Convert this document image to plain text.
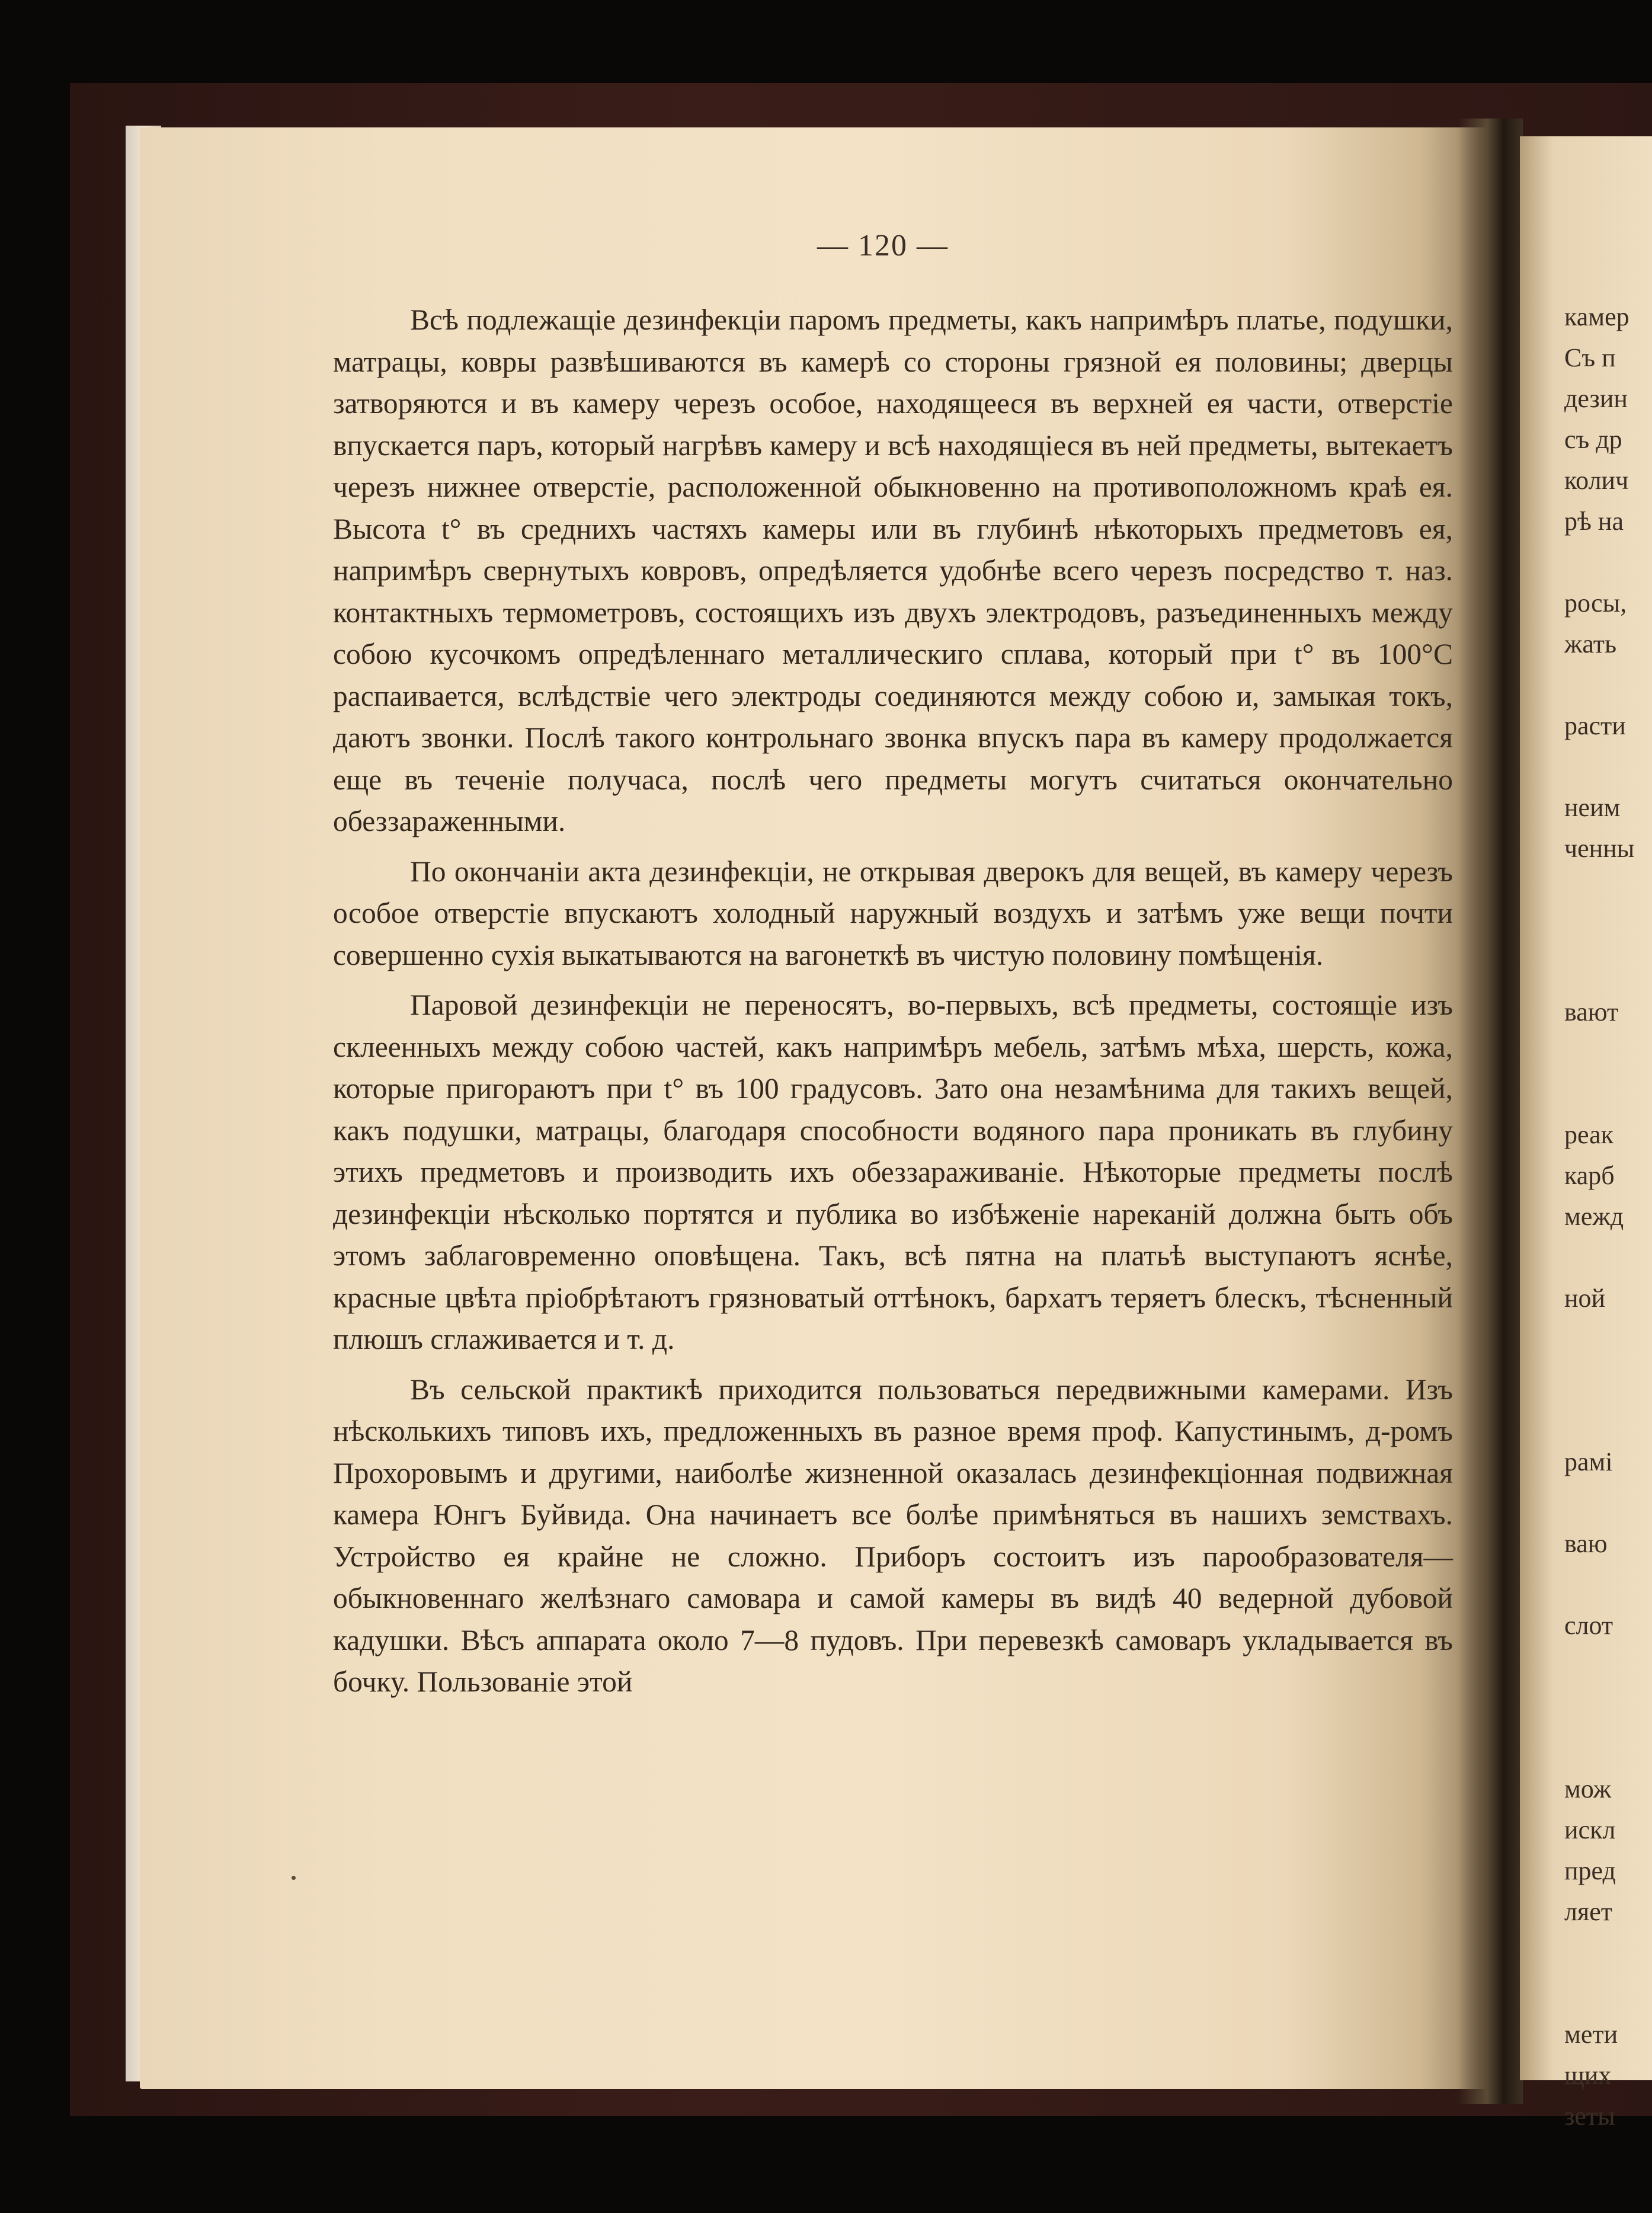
— 120 —

Всѣ подлежащіе дезинфекціи паромъ предметы, какъ напримѣръ платье, подушки, матрацы, ковры развѣшиваются въ камерѣ со стороны грязной ея половины; дверцы затворяются и въ камеру черезъ особое, находящееся въ верхней ея части, отверстіе впускается паръ, который нагрѣвъ камеру и всѣ находящіеся въ ней предметы, вытекаетъ черезъ нижнее отверстіе, расположенной обыкновенно на противоположномъ краѣ ея. Высота t° въ среднихъ частяхъ камеры или въ глубинѣ нѣкоторыхъ предметовъ ея, напримѣръ свернутыхъ ковровъ, опредѣляется удобнѣе всего черезъ посредство т. наз. контактныхъ термометровъ, состоящихъ изъ двухъ электродовъ, разъединенныхъ между собою кусочкомъ опредѣленнаго металлическиго сплава, который при t° въ 100°С распаивается, вслѣдствіе чего электроды соединяются между собою и, замыкая токъ, даютъ звонки. Послѣ такого контрольнаго звонка впускъ пара въ камеру продолжается еще въ теченіе получаса, послѣ чего предметы могутъ считаться окончательно обеззараженными.

По окончаніи акта дезинфекціи, не открывая дверокъ для вещей, въ камеру черезъ особое отверстіе впускаютъ холодный наружный воздухъ и затѣмъ уже вещи почти совершенно сухія выкатываются на вагонеткѣ въ чистую половину помѣщенія.

Паровой дезинфекціи не переносятъ, во-первыхъ, всѣ предметы, состоящіе изъ склеенныхъ между собою частей, какъ напримѣръ мебель, затѣмъ мѣха, шерсть, кожа, которые пригораютъ при t° въ 100 градусовъ. Зато она незамѣнима для такихъ вещей, какъ подушки, матрацы, благодаря способности водяного пара проникать въ глубину этихъ предметовъ и производить ихъ обеззараживаніе. Нѣкоторые предметы послѣ дезинфекціи нѣсколько портятся и публика во избѣженіе нареканій должна быть объ этомъ заблаговременно оповѣщена. Такъ, всѣ пятна на платьѣ выступаютъ яснѣе, красные цвѣта пріобрѣтаютъ грязноватый оттѣнокъ, бархатъ теряетъ блескъ, тѣсненный плюшъ сглаживается и т. д.

Въ сельской практикѣ приходится пользоваться передвижными камерами. Изъ нѣсколькихъ типовъ ихъ, предложенныхъ въ разное время проф. Капустинымъ, д-ромъ Прохоровымъ и другими, наиболѣе жизненной оказалась дезинфекціонная подвижная камера Юнгъ Буйвида. Она начинаетъ все болѣе примѣняться въ нашихъ земствахъ. Устройство ея крайне не сложно. Приборъ состоитъ изъ парообразователя—обыкновеннаго желѣзнаго самовара и самой камеры въ видѣ 40 ведерной дубовой кадушки. Вѣсъ аппарата около 7—8 пудовъ. При перевезкѣ самоваръ укладывается въ бочку. Пользованіе этой

камер
Съ п
дезин
съ др
колич
рѣ на
росы,
жать
расти
неим
ченны
вают
реак
карб
межд
ной
рамі
ваю
слот
мож
искл
пред
ляет
мети
щих
зеты
